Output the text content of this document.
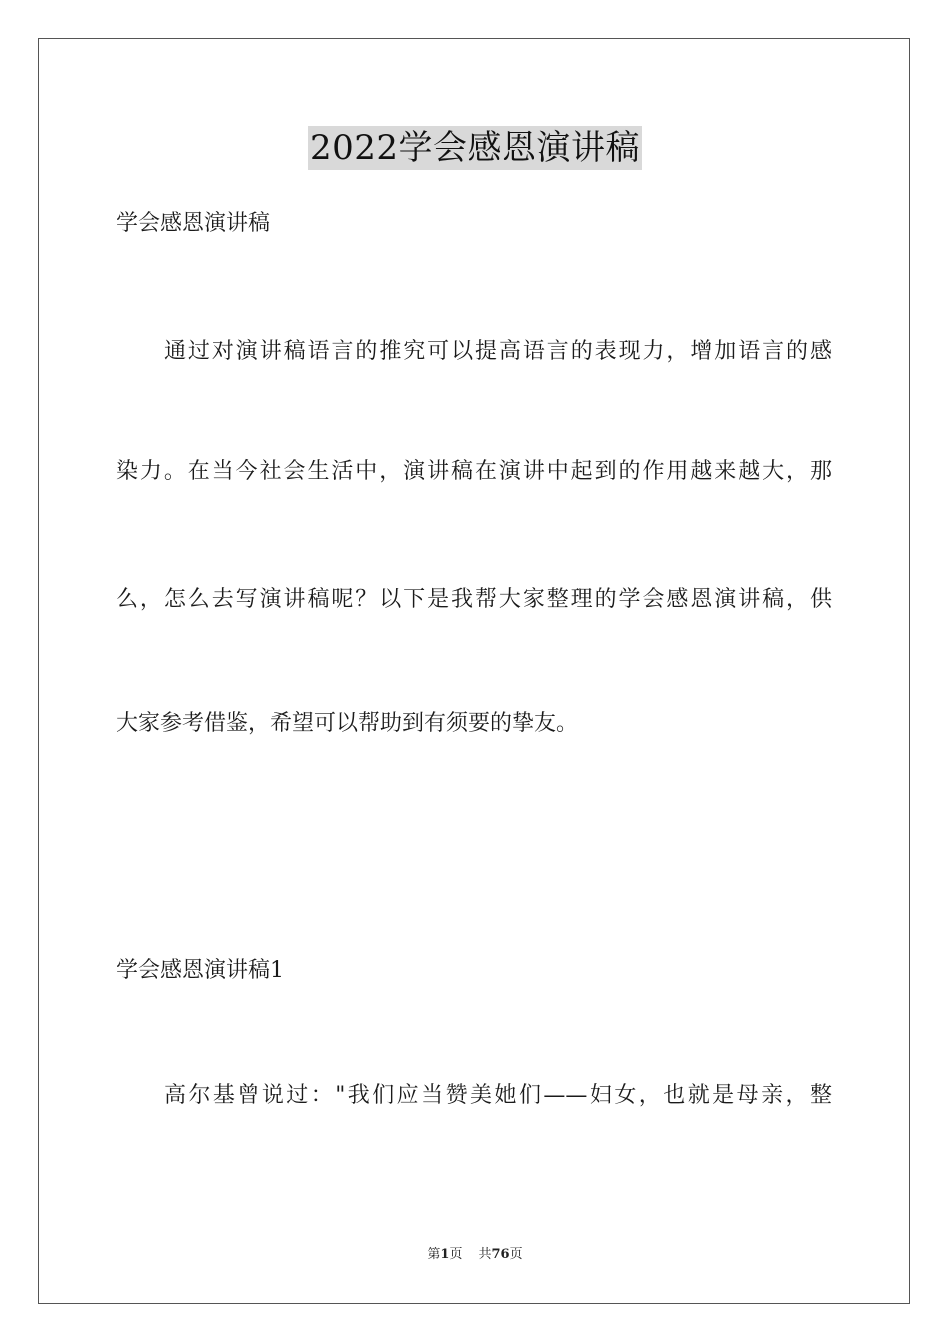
2022学会感恩演讲稿
学会感恩演讲稿
通过对演讲稿语言的推究可以提高语言的表现力，增加语言的感
染力。在当今社会生活中，演讲稿在演讲中起到的作用越来越大，那
么，怎么去写演讲稿呢？以下是我帮大家整理的学会感恩演讲稿，供
大家参考借鉴，希望可以帮助到有须要的挚友。
学会感恩演讲稿1
高尔基曾说过："我们应当赞美她们——妇女，也就是母亲，整
第1页 共76页
